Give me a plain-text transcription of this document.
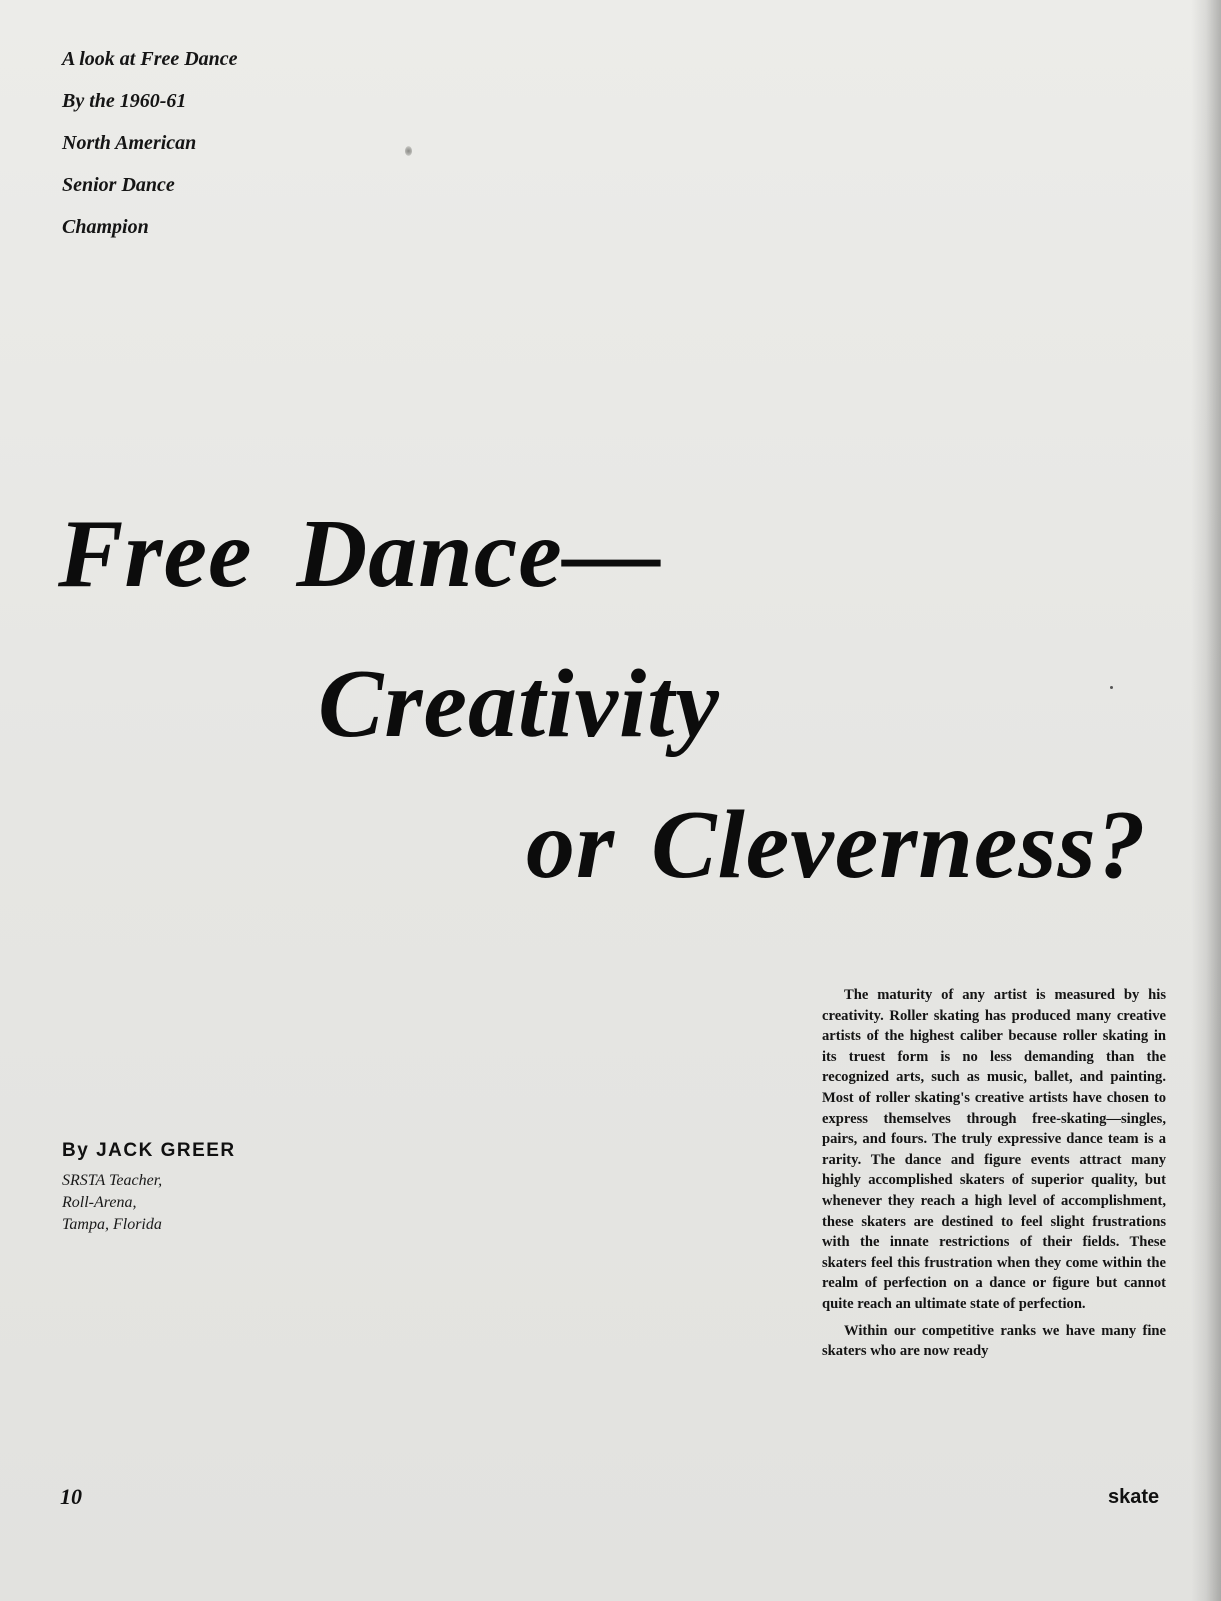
A look at Free Dance
By the 1960-61
North American
Senior Dance
Champion
Free Dance—
Creativity
or Cleverness?
By JACK GREER
SRSTA Teacher,
Roll-Arena,
Tampa, Florida

The maturity of any artist is measured by his creativity. Roller skating has produced many creative artists of the highest caliber because roller skating in its truest form is no less demanding than the recognized arts, such as music, ballet, and painting. Most of roller skating's creative artists have chosen to express themselves through free-skating—singles, pairs, and fours. The truly expressive dance team is a rarity. The dance and figure events attract many highly accomplished skaters of superior quality, but whenever they reach a high level of accomplishment, these skaters are destined to feel slight frustrations with the innate restrictions of their fields. These skaters feel this frustration when they come within the realm of perfection on a dance or figure but cannot quite reach an ultimate state of perfection.

Within our competitive ranks we have many fine skaters who are now ready

10	skate
